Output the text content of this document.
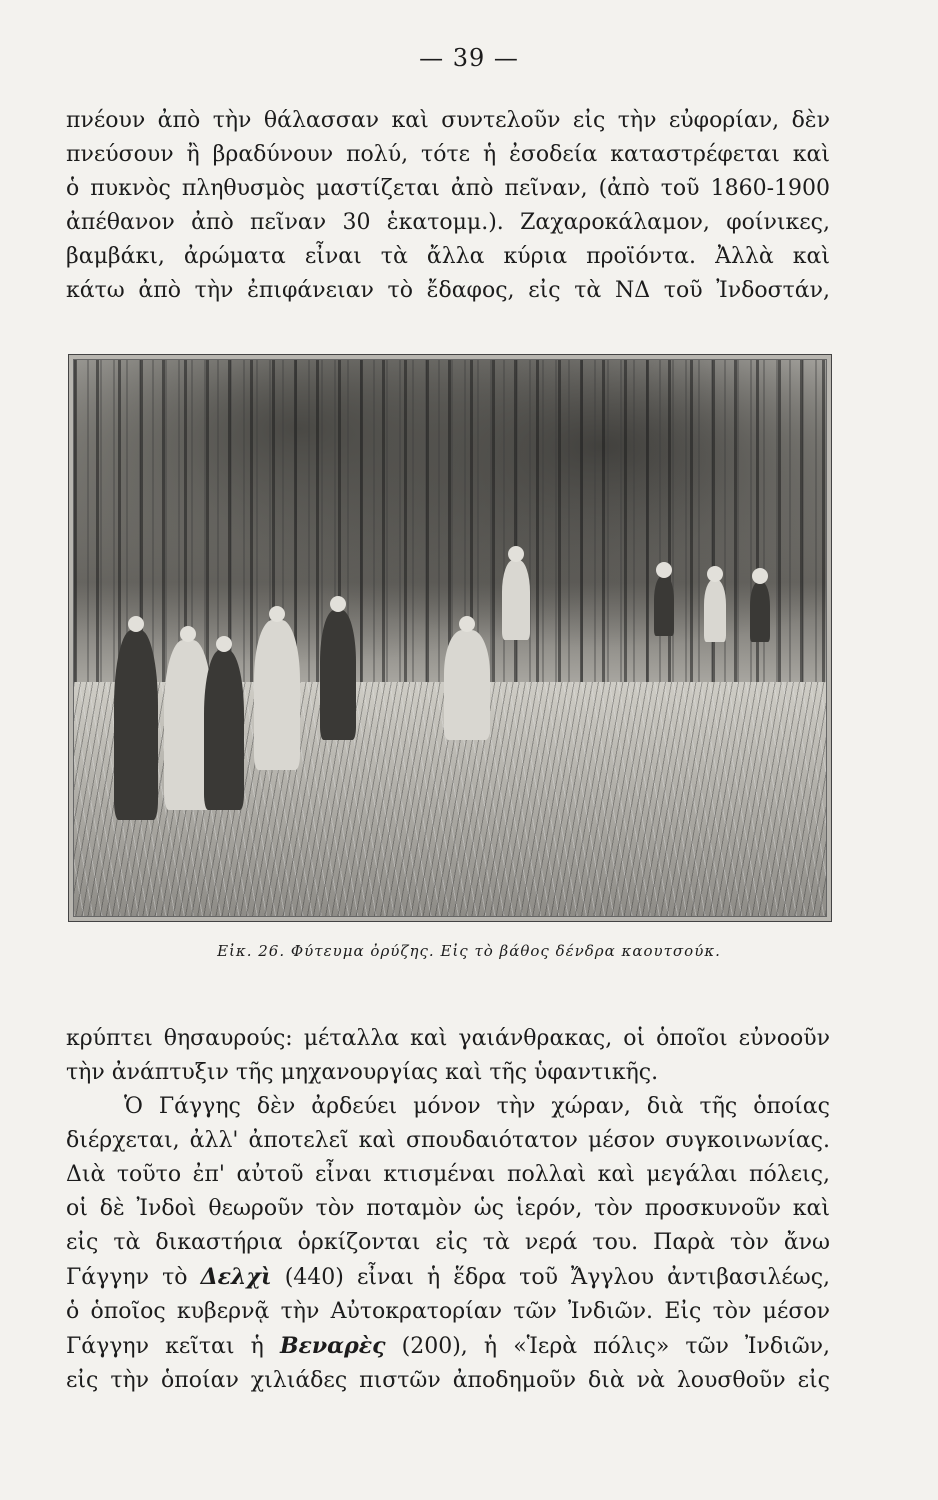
— 39 —
πνέουν ἀπὸ τὴν θάλασσαν καὶ συντελοῦν εἰς τὴν εὐφορίαν, δὲν
πνεύσουν ἢ βραδύνουν πολύ, τότε ἡ ἐσοδεία καταστρέφεται καὶ
ὁ πυκνὸς πληθυσμὸς μαστίζεται ἀπὸ πεῖναν, (ἀπὸ τοῦ 1860-1900
ἀπέθανον ἀπὸ πεῖναν 30 ἑκατομμ.). Ζαχαροκάλαμον, φοίνικες,
βαμβάκι, ἀρώματα εἶναι τὰ ἄλλα κύρια προϊόντα. Ἀλλὰ καὶ
κάτω ἀπὸ τὴν ἐπιφάνειαν τὸ ἔδαφος, εἰς τὰ ΝΔ τοῦ Ἰνδοστάν,
Εἰκ. 26. Φύτευμα ὀρύζης. Εἰς τὸ βάθος δένδρα καουτσούκ.
κρύπτει θησαυρούς: μέταλλα καὶ γαιάνθρακας, οἱ ὁποῖοι εὐνοοῦν
τὴν ἀνάπτυξιν τῆς μηχανουργίας καὶ τῆς ὑφαντικῆς.
Ὁ Γάγγης δὲν ἀρδεύει μόνον τὴν χώραν, διὰ τῆς ὁποίας
διέρχεται, ἀλλ' ἀποτελεῖ καὶ σπουδαιότατον μέσον συγκοινωνίας.
Διὰ τοῦτο ἐπ' αὐτοῦ εἶναι κτισμέναι πολλαὶ καὶ μεγάλαι πόλεις,
οἱ δὲ Ἰνδοὶ θεωροῦν τὸν ποταμὸν ὡς ἱερόν, τὸν προσκυνοῦν καὶ
εἰς τὰ δικαστήρια ὁρκίζονται εἰς τὰ νερά του. Παρὰ τὸν ἄνω
Γάγγην τὸ Δελχὶ (440) εἶναι ἡ ἕδρα τοῦ Ἄγγλου ἀντιβασιλέως,
ὁ ὁποῖος κυβερνᾷ τὴν Αὐτοκρατορίαν τῶν Ἰνδιῶν. Εἰς τὸν μέσον
Γάγγην κεῖται ἡ Βεναρὲς (200), ἡ «Ἱερὰ πόλις» τῶν Ἰνδιῶν,
εἰς τὴν ὁποίαν χιλιάδες πιστῶν ἀποδημοῦν διὰ νὰ λουσθοῦν εἰς
